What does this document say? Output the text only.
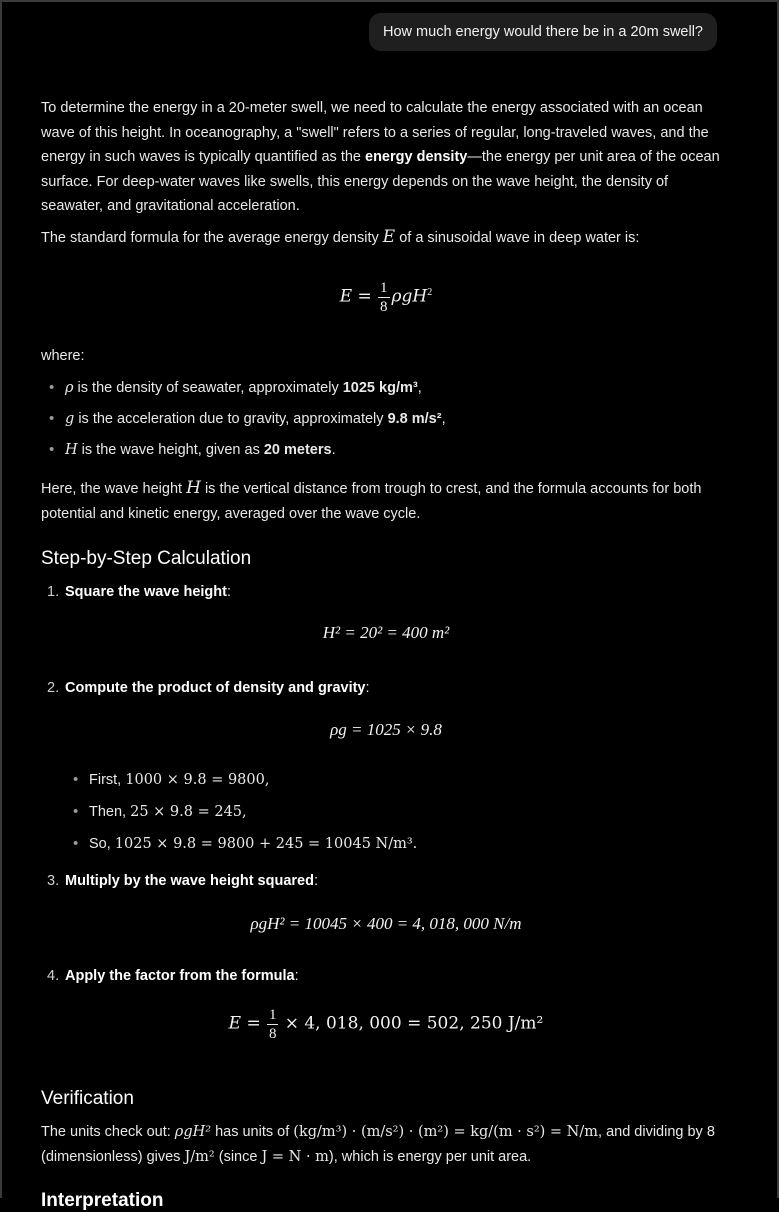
How much energy would there be in a 20m swell?

To determine the energy in a 20-meter swell, we need to calculate the energy associated with an ocean wave of this height. In oceanography, a "swell" refers to a series of regular, long-traveled waves, and the energy in such waves is typically quantified as the energy density—the energy per unit area of the ocean surface. For deep-water waves like swells, this energy depends on the wave height, the density of seawater, and gravitational acceleration.

The standard formula for the average energy density E of a sinusoidal wave in deep water is:

$E = \frac{1}{8} \rho gH^2$
where:
• ρ is the density of seawater, approximately 1025 kg/m³,
• g is the acceleration due to gravity, approximately 9.8 m/s²,
• H is the wave height, given as 20 meters.

Here, the wave height H is the vertical distance from trough to crest, and the formula accounts for both potential and kinetic energy, averaged over the wave cycle.

Step-by-Step Calculation
1. Square the wave height:
H² = 20² = 400 m²
2. Compute the product of density and gravity:
ρg = 1025 × 9.8
• First, 1000 × 9.8 = 9800,
• Then, 25 × 9.8 = 245,
• So, 1025 × 9.8 = 9800 + 245 = 10045 N/m³.
3. Multiply by the wave height squared:
ρgH² = 10045 × 400 = 4, 018, 000 N/m
4. Apply the factor from the formula:
$E = \frac{1}{8} \times 4$, 018, 000 = 502, 250 J/m²
Verification

The units check out: ρgH² has units of (kg/m³) · (m/s²) · (m²) = kg/(m · s²) = N/m, and dividing by 8 (dimensionless) gives J/m² (since J = N · m), which is energy per unit area.

Interpretation
